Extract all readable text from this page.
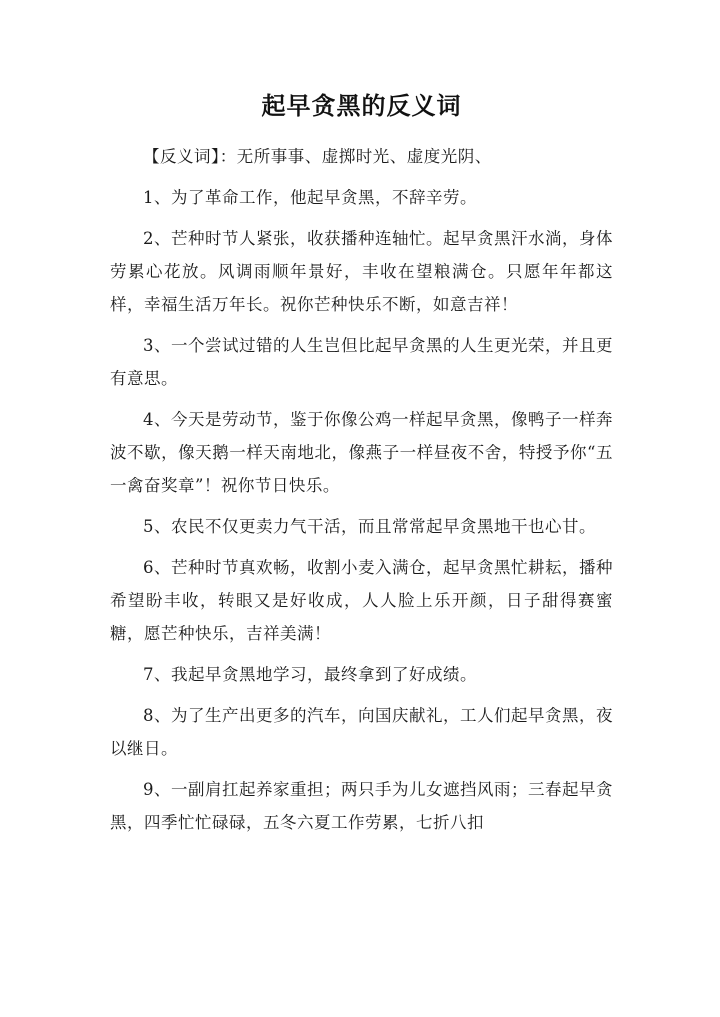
起早贪黑的反义词

【反义词】：无所事事、虚掷时光、虚度光阴、

1、为了革命工作，他起早贪黑，不辞辛劳。

2、芒种时节人紧张，收获播种连轴忙。起早贪黑汗水淌，身体劳累心花放。风调雨顺年景好，丰收在望粮满仓。只愿年年都这样，幸福生活万年长。祝你芒种快乐不断，如意吉祥！

3、一个尝试过错的人生岂但比起早贪黑的人生更光荣，并且更有意思。

4、今天是劳动节，鉴于你像公鸡一样起早贪黑，像鸭子一样奔波不歇，像天鹅一样天南地北，像燕子一样昼夜不舍，特授予你“五一禽奋奖章”！祝你节日快乐。

5、农民不仅更卖力气干活，而且常常起早贪黑地干也心甘。

6、芒种时节真欢畅，收割小麦入满仓，起早贪黑忙耕耘，播种希望盼丰收，转眼又是好收成，人人脸上乐开颜，日子甜得赛蜜糖，愿芒种快乐，吉祥美满！

7、我起早贪黑地学习，最终拿到了好成绩。

8、为了生产出更多的汽车，向国庆献礼，工人们起早贪黑，夜以继日。

9、一副肩扛起养家重担；两只手为儿女遮挡风雨；三春起早贪黑，四季忙忙碌碌，五冬六夏工作劳累，七折八扣
